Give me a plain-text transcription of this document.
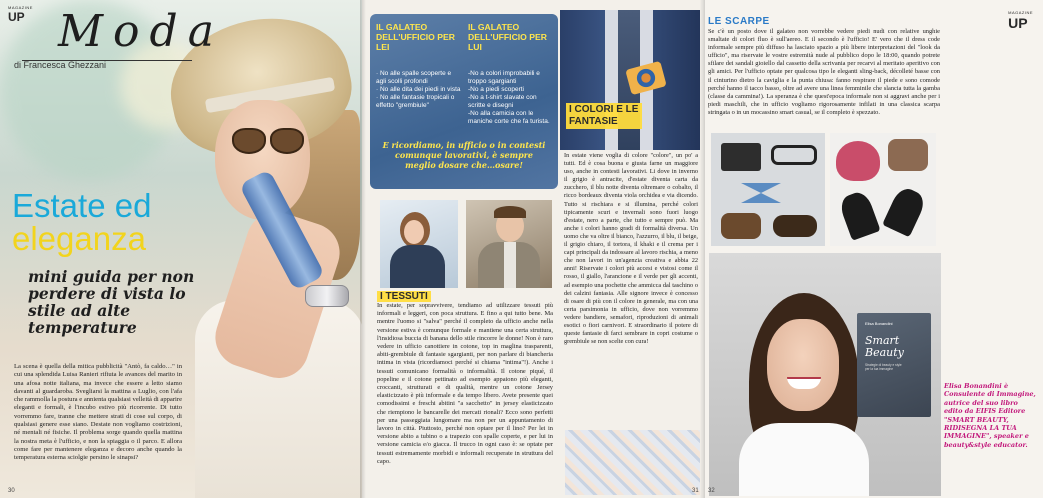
MAGAZINE
UP Moda
di Francesca Ghezzani
Estate ed
eleganza
mini guida per non perdere di vista lo stile ad alte temperature
La scena è quella della mitica pubblicità "Antò, fa caldo…" in cui una splendida Luisa Ranieri rifiuta le avances del marito in una afosa notte italiana, ma invece che essere a letto siamo davanti al guardaroba. Svegliarsi la mattina a Luglio, con l'afa che rammolla la postura e annienta qualsiasi velleità di apparire eleganti e formali, è l'incubo estivo più ricorrente. Di tutto vorremmo fare, tranne che mettere strati di cose sul corpo, di qualsiasi genere esse siano. Destate non vogliamo costrizioni, né mentali né fisiche. Il problema sorge quando quella mattina la nostra meta è l'ufficio, e non la spiaggia o il parco. E allora come fare per mantenere eleganza e decoro anche quando la temperatura esterna sciolgie persino le sinapsi?
30
IL GALATEO DELL'UFFICIO PER LEI
· No alle spalle scoperte e agli scolli profondi
· No alle dita dei piedi in vista
· No alle fantasie tropicali o effetto "grembiule"
IL GALATEO DELL'UFFICIO PER LUI
-No a colori improbabili e troppo sgargianti
-No a piedi scoperti
-No a t-shirt slavate con scritte e disegni
-No alla camicia con le maniche corte che fa turista.
E ricordiamo, in ufficio o in contesti comunque lavorativi, è sempre meglio dosare che…osare!
I TESSUTI
In estate, per sopravvivere, tendiamo ad utilizzare tessuti più informali e leggeri, con poca struttura. E fino a qui tutto bene. Ma mentre l'uomo si "salva" perché il completo da ufficio anche nella versione estiva è comunque formale e mantiene una certa struttura, l'insidiosa buccia di banana dello stile rincorre le donne! Non è raro vedere in ufficio canottiere in cotone, top in maglina trasparenti, abiti-grembiule di fantasie sgargianti, per non parlare di biancheria intima in vista (ricordiamoci perché si chiama "intima"!). Anche i tessuti comunicano formalità o informalità. Il cotone piqué, il popeline e il cotone pettinato ad esempio appaiono più eleganti, croccanti, strutturati e di qualità, mentre un cotone Jersey elasticizzato è più informale e da tempo libero. Avete presente quei comodissimi e freschi abitini "a sacchetto" in jersey elasticizzato che riempiono le bancarelle dei mercati rionali? Ecco sono perfetti per una passeggiata lungomare ma non per un appuntamento di lavoro in città. Piuttosto, perché non optare per il lino? Per lei in versione abito a tubino o a trapezio con spalle coperte, e per lui in versione camicia e/o giacca. Il trucco in ogni caso è: se optate per tessuti estremamente morbidi e informali recuperate in struttura del capo.
I COLORI E LE FANTASIE
In estate viene voglia di colore "colore", un po' a tutti. Ed è cosa buona e giusta farne un maggiore uso, anche in contesti lavorativi. Li dove in inverno il grigio è antracite, d'estate diventa carta da zucchero, il blu notte diventa oltremare o cobalto, il ricco bordeaux diventa viola orchidea e via dicendo. Tutto si rischiara e si illumina, perché colori tipicamente scuri e invernali sono fuori luogo d'estate, nero a parte, che tutto e sempre può. Ma anche i colori hanno gradi di formalità diversa. Un uomo che va oltre il bianco, l'azzurro, il blu, il beige, il grigio chiaro, il tortora, il khaki e il crema per i capi principali da indossare al lavoro rischia, a meno che non lavori in un'agenzia creativa e abbia 22 anni! Riservate i colori più accesi e vistosi come il rosso, il giallo, l'arancione e il verde per gli accenti, ad esempio una pochette che ammicca dal taschino o dei calzini fantasia. Alle signore invece è concesso di osare di più con il colore in generale, ma con una certa parsimonia in ufficio, dove non vorremmo vedere bandiere, semafori, riproduzioni di animali esotici o fiori carnivori. E straordinario il potere di queste fantasie di farci sembrare in copri costume o grembiule se non scelte con cura!
31
MAGAZINE
UP
LE SCARPE
Se c'è un posto dove il galateo non vorrebbe vedere piedi nudi con relative unghie smaltate di colori fluo è sull'aereo. E il secondo è l'ufficio! E' vero che il dress code informale sempre più diffuso ha lasciato spazio a più libere interpretazioni del "look da ufficio", ma riservate le vostre estremità nude al pubblico dopo le 18:00, quando potrete sfilare dei sandali gioiello dal cassetto della scrivania per recarvi al meritato aperitivo con gli amici. Per l'ufficio optate per qualcosa tipo le eleganti sling-back, décolleté basse con il cinturino dietro la caviglia e la punta chiusa: fanno respirare il piede e sono comode perché hanno il tacco basso, oltre ad avere una linea femminile che slancia tutta la gamba (classe da cammina!). La speranza è che quest'epoca informale non si aggravi anche per i piedi maschili, che in ufficio vogliamo rigorosamente infilati in una classica scarpa stringata o in un mocassino smart casual, se il completo è spezzato.
Elisa Bonandini
Smart
Beauty
Strategie di beauty e style per la tua immagine
Elisa Bonandini è Consulente di Immagine, autrice del suo libro edito da EIFIS Editore "SMART BEAUTY, RIDISEGNA LA TUA IMMAGINE", speaker e beauty&style educator.
32
